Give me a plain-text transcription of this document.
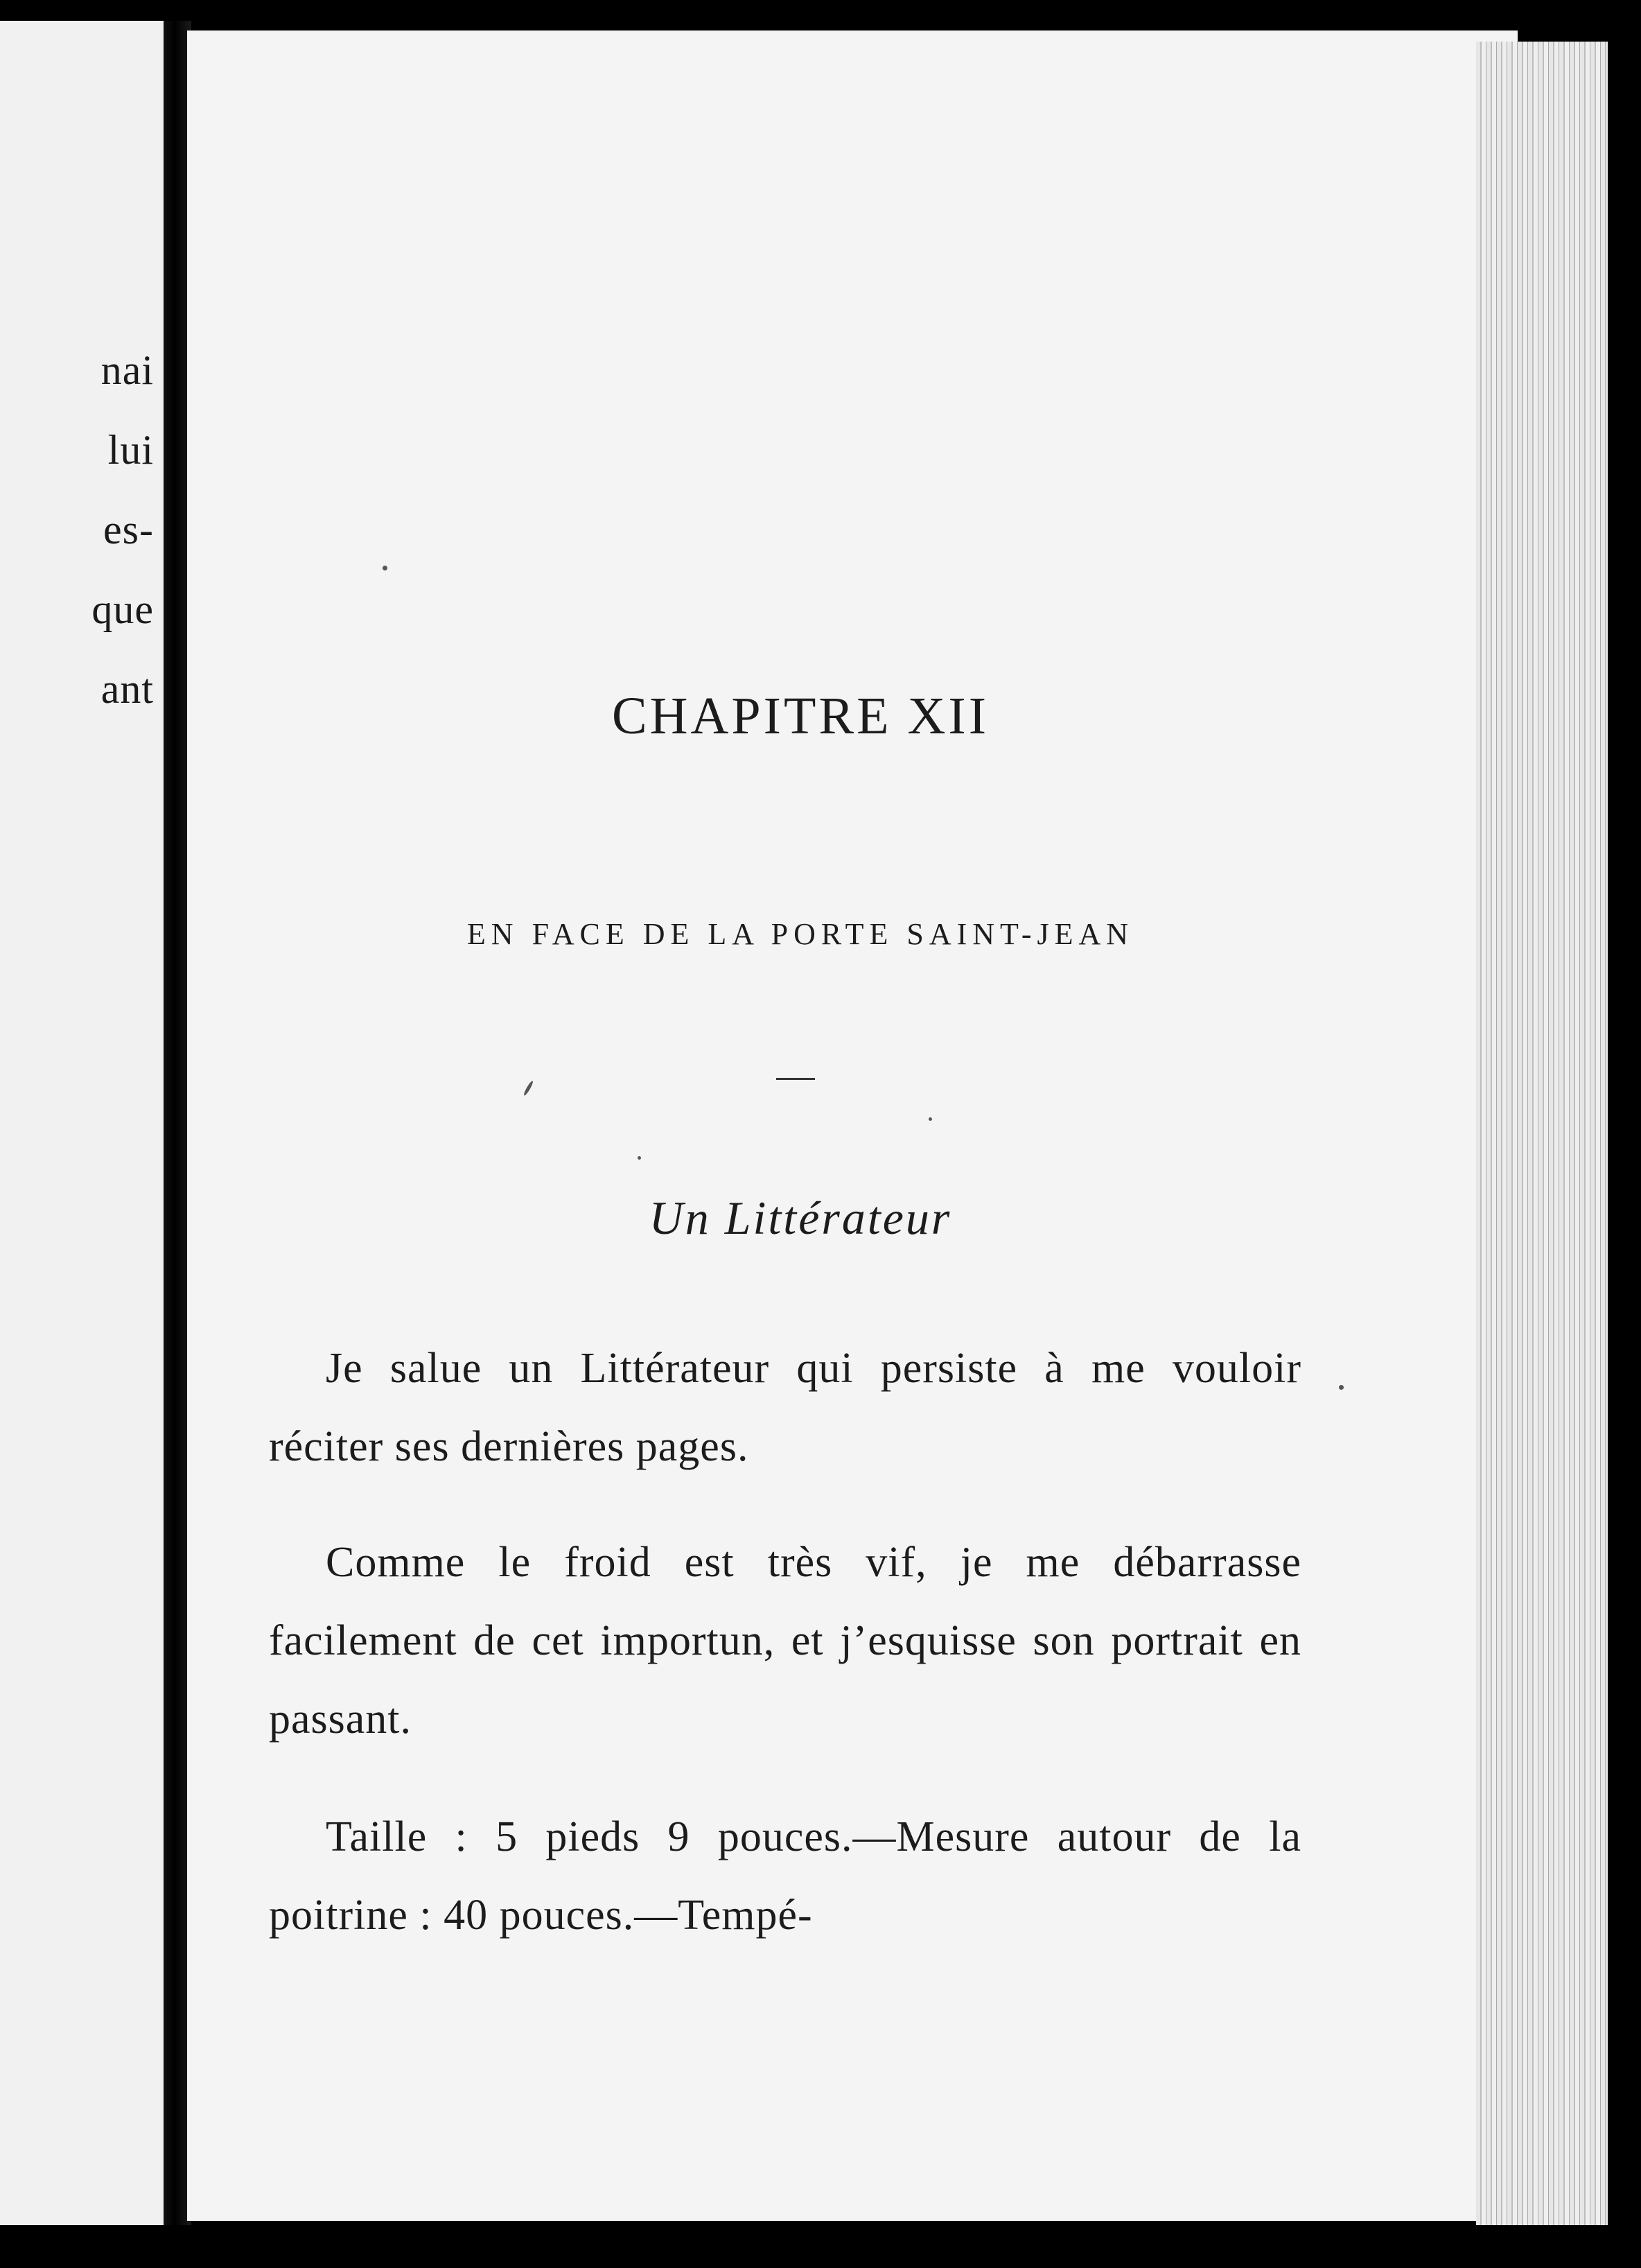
nai
lui
es-
que
ant	CHAPITRE XII
EN FACE DE LA PORTE SAINT-JEAN
Un Littérateur

Je salue un Littérateur qui persiste à me vouloir réciter ses dernières pages.

Comme le froid est très vif, je me débarrasse facilement de cet importun, et j’esquisse son portrait en passant.

Taille : 5 pieds 9 pouces.—Mesure autour de la poitrine : 40 pouces.—Tempé-
